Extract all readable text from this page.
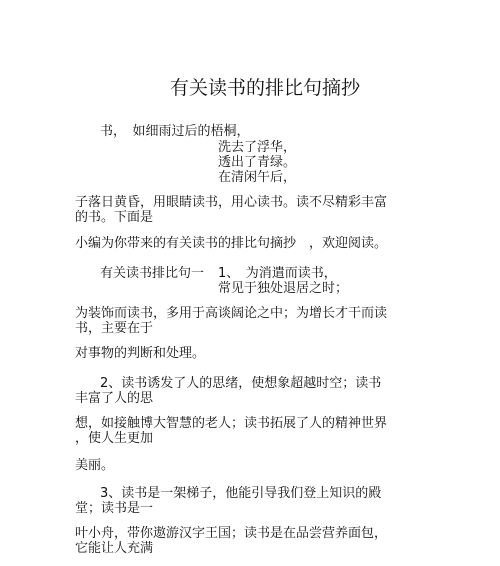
有关读书的排比句摘抄
书，　如细雨过后的梧桐，
洗去了浮华，
透出了青绿。
在清闲午后，
子落日黄昏，用眼睛读书，用心读书。读不尽精彩丰富
的书。下面是
小编为你带来的有关读书的排比句摘抄　，欢迎阅读。
有关读书排比句一 1、　为消遣而读书，
常见于独处退居之时；
为装饰而读书，多用于高谈阔论之中；为增长才干而读
书，主要在于
对事物的判断和处理。
2、读书诱发了人的思绪，使想象超越时空；读书
丰富了人的思
想，如接触博大智慧的老人；读书拓展了人的精神世界
，使人生更加
美丽。
3、读书是一架梯子，他能引导我们登上知识的殿
堂；读书是一
叶小舟，带你遨游汉字王国；读书是在品尝营养面包，
它能让人充满
